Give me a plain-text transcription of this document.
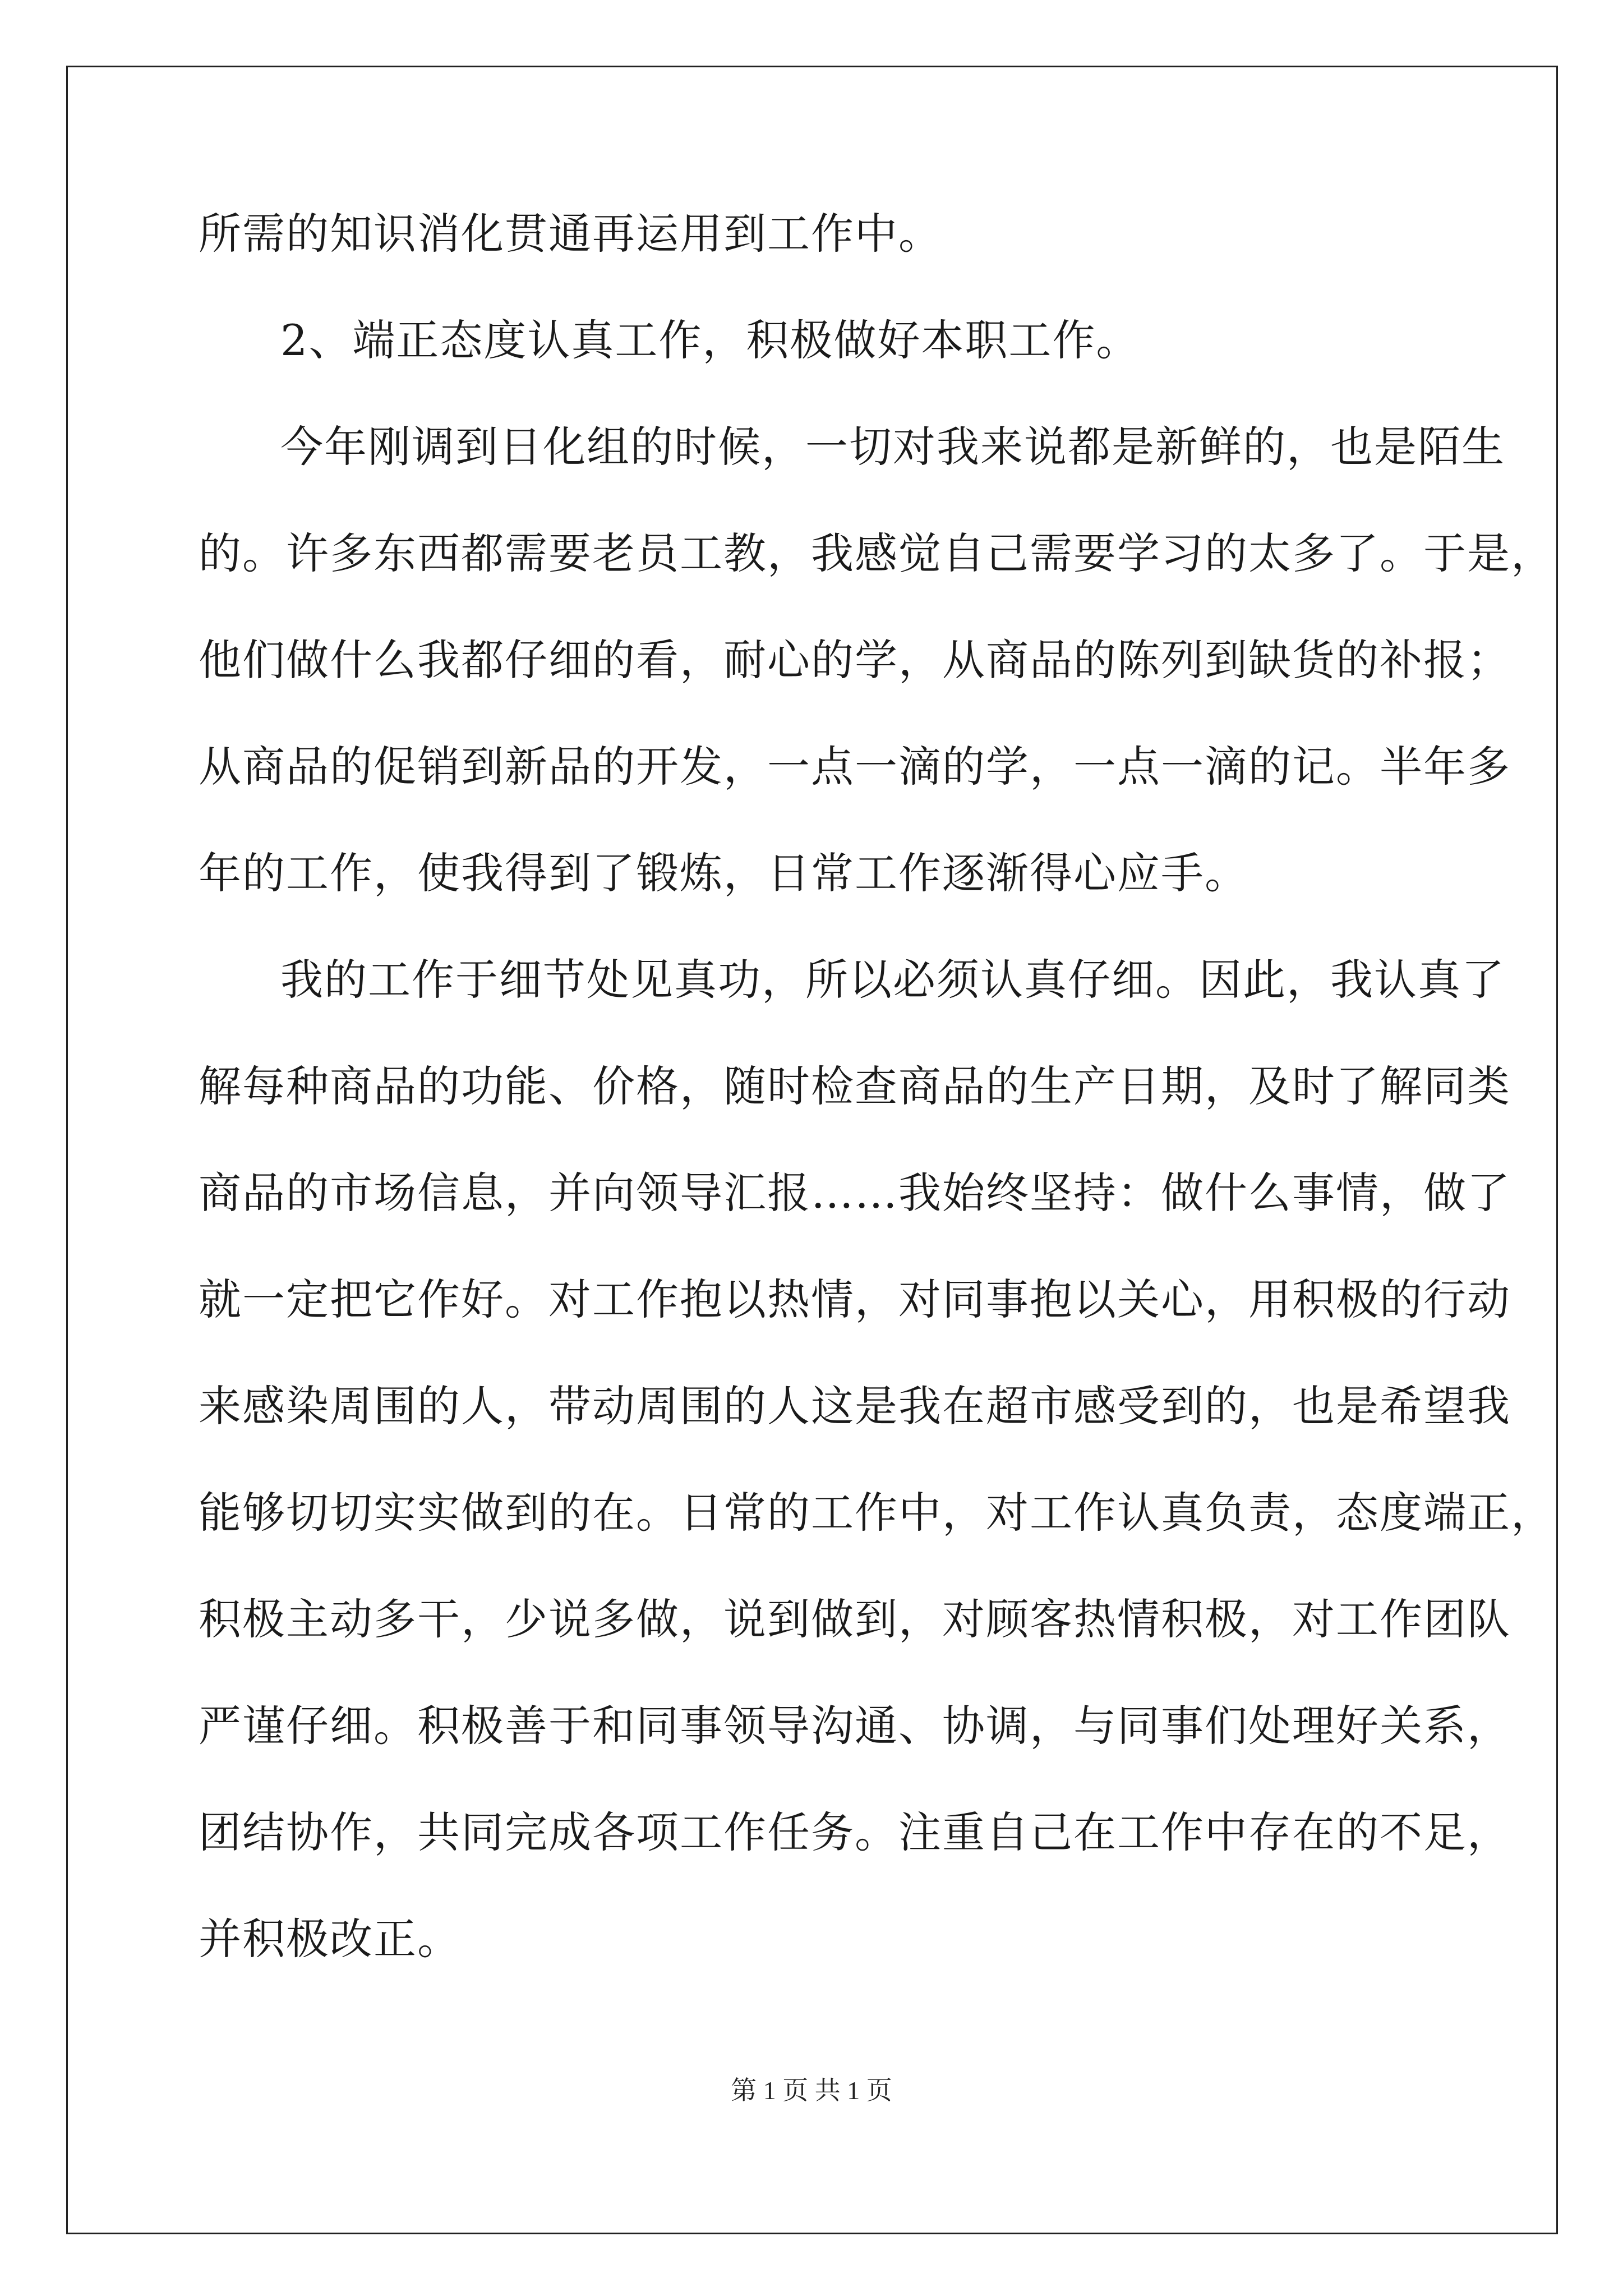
所需的知识消化贯通再运用到工作中。
2、端正态度认真工作，积极做好本职工作。
今年刚调到日化组的时候，一切对我来说都是新鲜的，也是陌生
的。许多东西都需要老员工教，我感觉自己需要学习的太多了。于是，
他们做什么我都仔细的看，耐心的学，从商品的陈列到缺货的补报；
从商品的促销到新品的开发，一点一滴的学，一点一滴的记。半年多
年的工作，使我得到了锻炼，日常工作逐渐得心应手。
我的工作于细节处见真功，所以必须认真仔细。因此，我认真了
解每种商品的功能、价格，随时检查商品的生产日期，及时了解同类
商品的市场信息，并向领导汇报……我始终坚持：做什么事情，做了
就一定把它作好。对工作抱以热情，对同事抱以关心，用积极的行动
来感染周围的人，带动周围的人这是我在超市感受到的，也是希望我
能够切切实实做到的在。日常的工作中，对工作认真负责，态度端正，
积极主动多干，少说多做，说到做到，对顾客热情积极，对工作团队
严谨仔细。积极善于和同事领导沟通、协调，与同事们处理好关系，
团结协作，共同完成各项工作任务。注重自己在工作中存在的不足，
并积极改正。
第 1 页 共 1 页
